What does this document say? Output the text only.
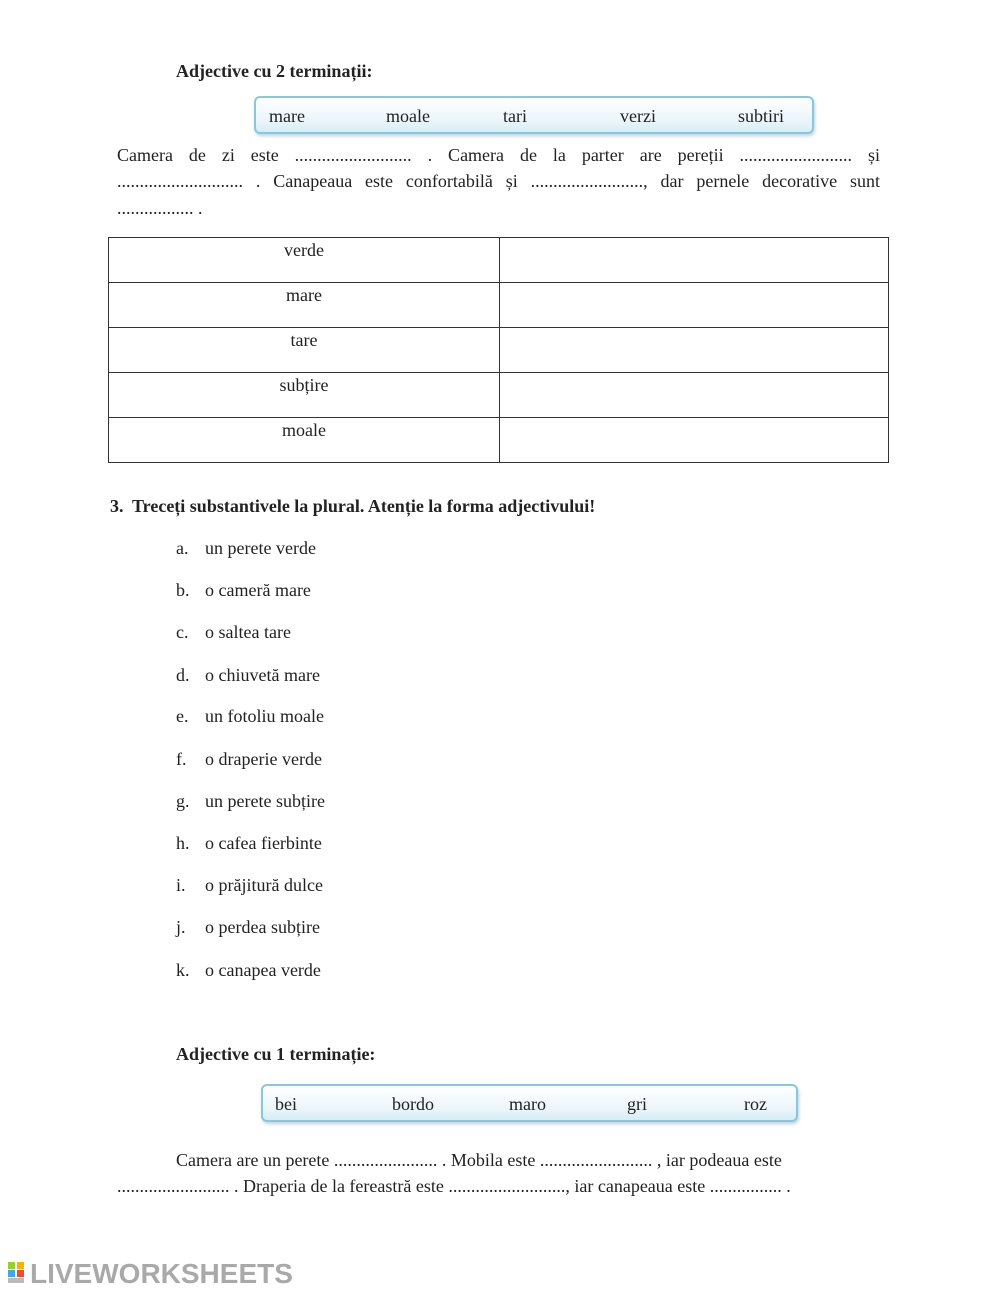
Adjective cu 2 terminații:
mare	moale	tari	verzi	subtiri
Camera de zi este .......................... . Camera de la parter are pereții ......................... și
............................ . Canapeaua este confortabilă și ........................., dar pernele decorative sunt
................. .
verde	
mare	
tare	
subțire	
moale	
3. Treceți substantivele la plural. Atenție la forma adjectivului!
a. un perete verde
b. o cameră mare
c. o saltea tare
d. o chiuvetă mare
e. un fotoliu moale
f. o draperie verde
g. un perete subțire
h. o cafea fierbinte
i. o prăjitură dulce
j. o perdea subțire
k. o canapea verde
Adjective cu 1 terminație:
bei	bordo	maro	gri	roz
Camera are un perete ....................... . Mobila este ......................... , iar podeaua este
......................... . Draperia de la fereastră este .........................., iar canapeaua este ................ .
LIVEWORKSHEETS
